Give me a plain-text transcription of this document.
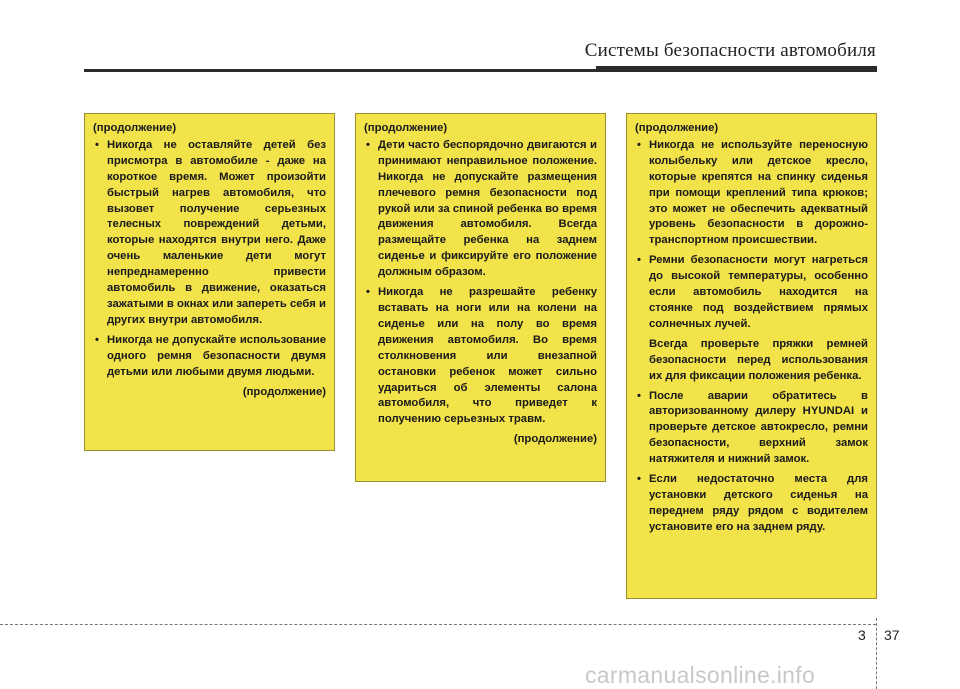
Системы безопасности автомобиля
(продолжение)
• Никогда не оставляйте детей без присмотра в автомобиле - даже на короткое время. Может произойти быстрый нагрев автомобиля, что вызовет получение серьезных телесных повреждений детьми, которые находятся внутри него. Даже очень маленькие дети могут непреднамеренно привести автомобиль в движение, оказаться зажатыми в окнах или запереть себя и других внутри автомобиля.
• Никогда не допускайте использование одного ремня безопасности двумя детьми или любыми двумя людьми.
(продолжение)
(продолжение)
• Дети часто беспорядочно двигаются и принимают неправильное положение. Никогда не допускайте размещения плечевого ремня безопасности под рукой или за спиной ребенка во время движения автомобиля. Всегда размещайте ребенка на заднем сиденье и фиксируйте его положение должным образом.
• Никогда не разрешайте ребенку вставать на ноги или на колени на сиденье или на полу во время движения автомобиля. Во время столкновения или внезапной остановки ребенок может сильно удариться об элементы салона автомобиля, что приведет к получению серьезных травм.
(продолжение)
(продолжение)
• Никогда не используйте переносную колыбельку или детское кресло, которые крепятся на спинку сиденья при помощи креплений типа крюков; это может не обеспечить адекватный уровень безопасности в дорожно-транспортном происшествии.
• Ремни безопасности могут нагреться до высокой температуры, особенно если автомобиль находится на стоянке под воздействием прямых солнечных лучей.

Всегда проверьте пряжки ремней безопасности перед использования их для фиксации положения ребенка.

• После аварии обратитесь в авторизованному дилеру HYUNDAI и проверьте детское автокресло, ремни безопасности, верхний замок натяжителя и нижний замок.
• Если недостаточно места для установки детского сиденья на переднем ряду рядом с водителем установите его на заднем ряду.
3 37
carmanualsonline.info
